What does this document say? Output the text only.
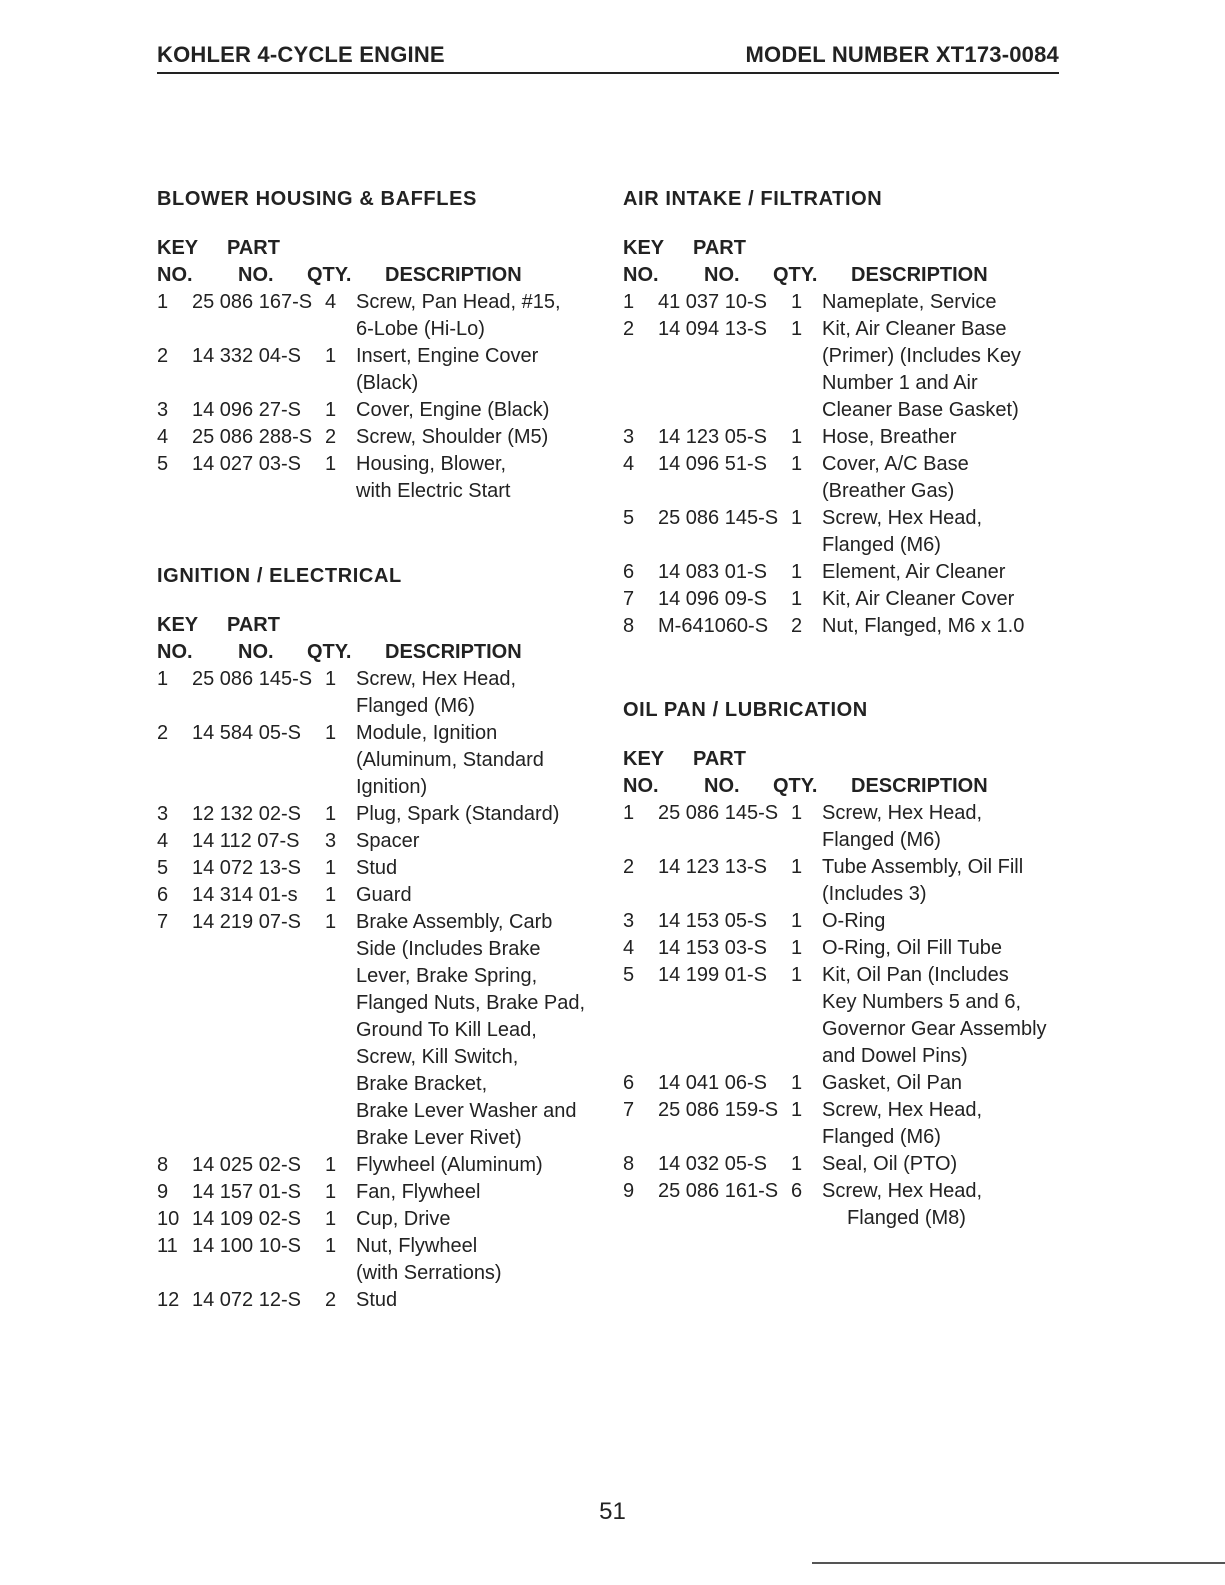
KOHLER 4-CYCLE ENGINE	MODEL NUMBER XT173-0084
BLOWER HOUSING & BAFFLES
KEY PART
NO. NO. QTY. DESCRIPTION
1 25 086 167-S 4 Screw, Pan Head, #15,
6-Lobe (Hi-Lo)
2 14 332 04-S 1 Insert, Engine Cover
(Black)
3 14 096 27-S 1 Cover, Engine (Black)
4 25 086 288-S 2 Screw, Shoulder (M5)
5 14 027 03-S 1 Housing, Blower,
with Electric Start
IGNITION / ELECTRICAL
KEY PART
NO. NO. QTY. DESCRIPTION
1 25 086 145-S 1 Screw, Hex Head,
Flanged (M6)
2 14 584 05-S 1 Module, Ignition
(Aluminum, Standard
Ignition)
3 12 132 02-S 1 Plug, Spark (Standard)
4 14 112 07-S 3 Spacer
5 14 072 13-S 1 Stud
6 14 314 01-s 1 Guard
7 14 219 07-S 1 Brake Assembly, Carb
Side (Includes Brake
Lever, Brake Spring,
Flanged Nuts, Brake Pad,
Ground To Kill Lead,
Screw, Kill Switch,
Brake Bracket,
Brake Lever Washer and
Brake Lever Rivet)
8 14 025 02-S 1 Flywheel (Aluminum)
9 14 157 01-S 1 Fan, Flywheel
10 14 109 02-S 1 Cup, Drive
11 14 100 10-S 1 Nut, Flywheel
(with Serrations)
12 14 072 12-S 2 Stud
AIR INTAKE / FILTRATION
KEY PART
NO. NO. QTY. DESCRIPTION
1 41 037 10-S 1 Nameplate, Service
2 14 094 13-S 1 Kit, Air Cleaner Base
(Primer) (Includes Key
Number 1 and Air
Cleaner Base Gasket)
3 14 123 05-S 1 Hose, Breather
4 14 096 51-S 1 Cover, A/C Base
(Breather Gas)
5 25 086 145-S 1 Screw, Hex Head,
Flanged (M6)
6 14 083 01-S 1 Element, Air Cleaner
7 14 096 09-S 1 Kit, Air Cleaner Cover
8 M-641060-S 2 Nut, Flanged, M6 x 1.0
OIL PAN / LUBRICATION
KEY PART
NO. NO. QTY. DESCRIPTION
1 25 086 145-S 1 Screw, Hex Head,
Flanged (M6)
2 14 123 13-S 1 Tube Assembly, Oil Fill
(Includes 3)
3 14 153 05-S 1 O-Ring
4 14 153 03-S 1 O-Ring, Oil Fill Tube
5 14 199 01-S 1 Kit, Oil Pan (Includes
Key Numbers 5 and 6,
Governor Gear Assembly
and Dowel Pins)
6 14 041 06-S 1 Gasket, Oil Pan
7 25 086 159-S 1 Screw, Hex Head,
Flanged (M6)
8 14 032 05-S 1 Seal, Oil (PTO)
9 25 086 161-S 6 Screw, Hex Head,
Flanged (M8)
51
